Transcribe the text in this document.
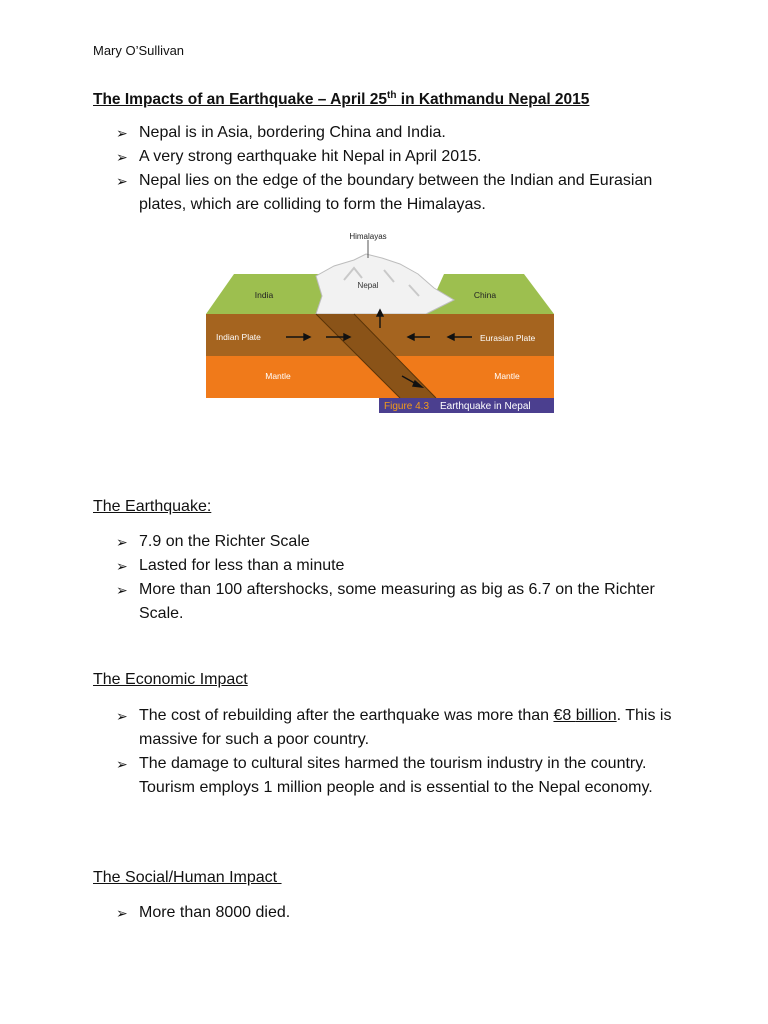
Mary O’Sullivan
The Impacts of an Earthquake – April 25th in Kathmandu Nepal 2015
➢ Nepal is in Asia, bordering China and India.
➢ A very strong earthquake hit Nepal in April 2015.
➢ Nepal lies on the edge of the boundary between the Indian and Eurasian plates, which are colliding to form the Himalayas.
Himalayas
Nepal
India	China
Indian Plate	Eurasian Plate
Mantle	Mantle
Figure 4.3 Earthquake in Nepal
The Earthquake:
➢ 7.9 on the Richter Scale
➢ Lasted for less than a minute
➢ More than 100 aftershocks, some measuring as big as 6.7 on the Richter Scale.
The Economic Impact
➢ The cost of rebuilding after the earthquake was more than €8 billion. This is massive for such a poor country.
➢ The damage to cultural sites harmed the tourism industry in the country. Tourism employs 1 million people and is essential to the Nepal economy.
The Social/Human Impact
➢ More than 8000 died.
